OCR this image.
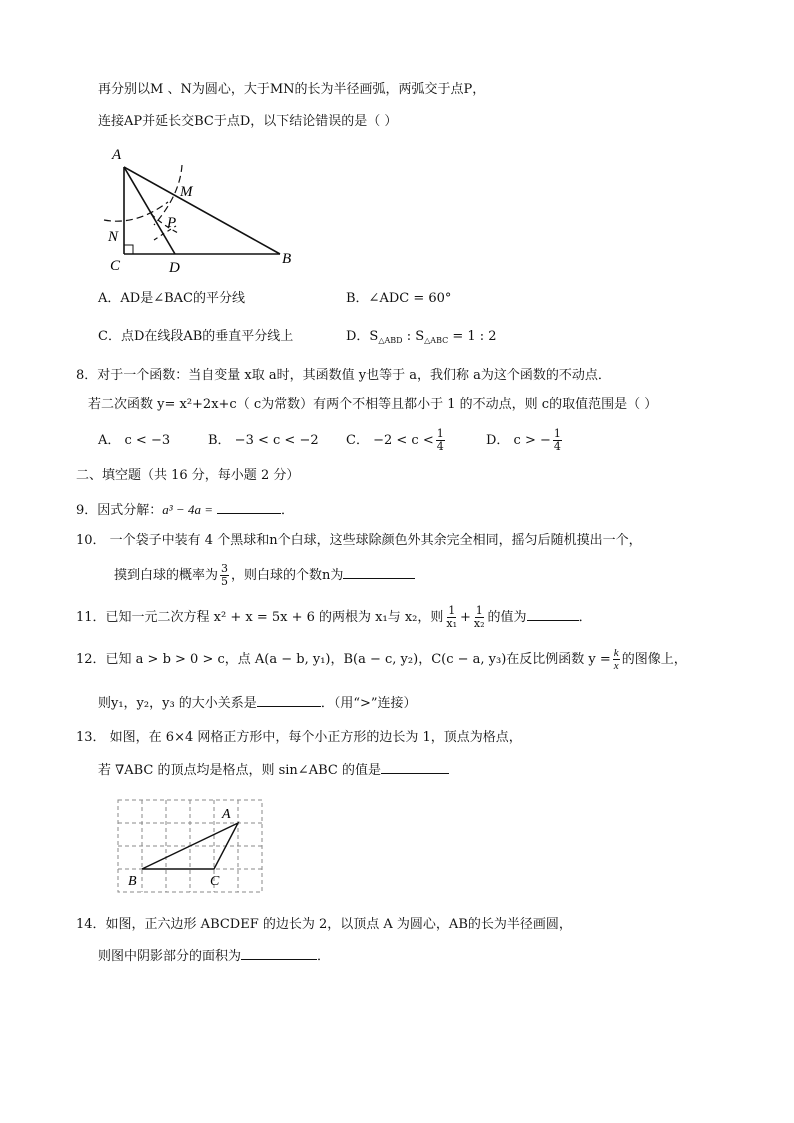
再分别以M 、N为圆心，大于MN的长为半径画弧，两弧交于点P，
连接AP并延长交BC于点D，以下结论错误的是（ ）
A
M
P
N
C	D
B
A．AD是∠BAC的平分线	B．∠ADC = 60°
C．点D在线段AB的垂直平分线上	D．$S_{\triangle ABD}$ : $S_{\triangle ABC} = 1$ : 2
8．对于一个函数：当自变量 x取 a时，其函数值 y也等于 a，我们称 a为这个函数的不动点．
若二次函数 y= x²+2x+c（ c为常数）有两个不相等且都小于 1 的不动点，则 c的取值范围是（ ）
A． c < −3	B． −3 < c < −2 C． $-2 < c < \frac{1}{4}$	D． c > − $\frac{1}{4}$
二、填空题（共 16 分，每小题 2 分）
9．因式分解：a³ − 4a =	．
10． 一个袋子中装有 4 个黑球和n个白球，这些球除颜色外其余完全相同，摇匀后随机摸出一个，
摸到白球的概率为 $\frac{3}{5}$ ，则白球的个数n为
11．已知一元二次方程 x² + x = 5x + 6 的两根为 x₁与 x₂，则 $\frac{1}{\text{x₁}} + \frac{1}{\text{x₂}}$ 的值为	．
12．已知 a > b > 0 > c，点 A(a − b, y₁)，B(a − c, y₂)，C(c − a, y₃)在反比例函数 $y = \frac{k}{x}$ 的图像上，
则y₁，y₂，y₃ 的大小关系是	．（用“>”连接）
13． 如图，在 6×4 网格正方形中，每个小正方形的边长为 1，顶点为格点，
若 ∇ABC 的顶点均是格点，则 sin∠ABC 的值是
A
B	C
14．如图，正六边形 ABCDEF 的边长为 2，以顶点 A 为圆心，AB的长为半径画圆，
则图中阴影部分的面积为	．
